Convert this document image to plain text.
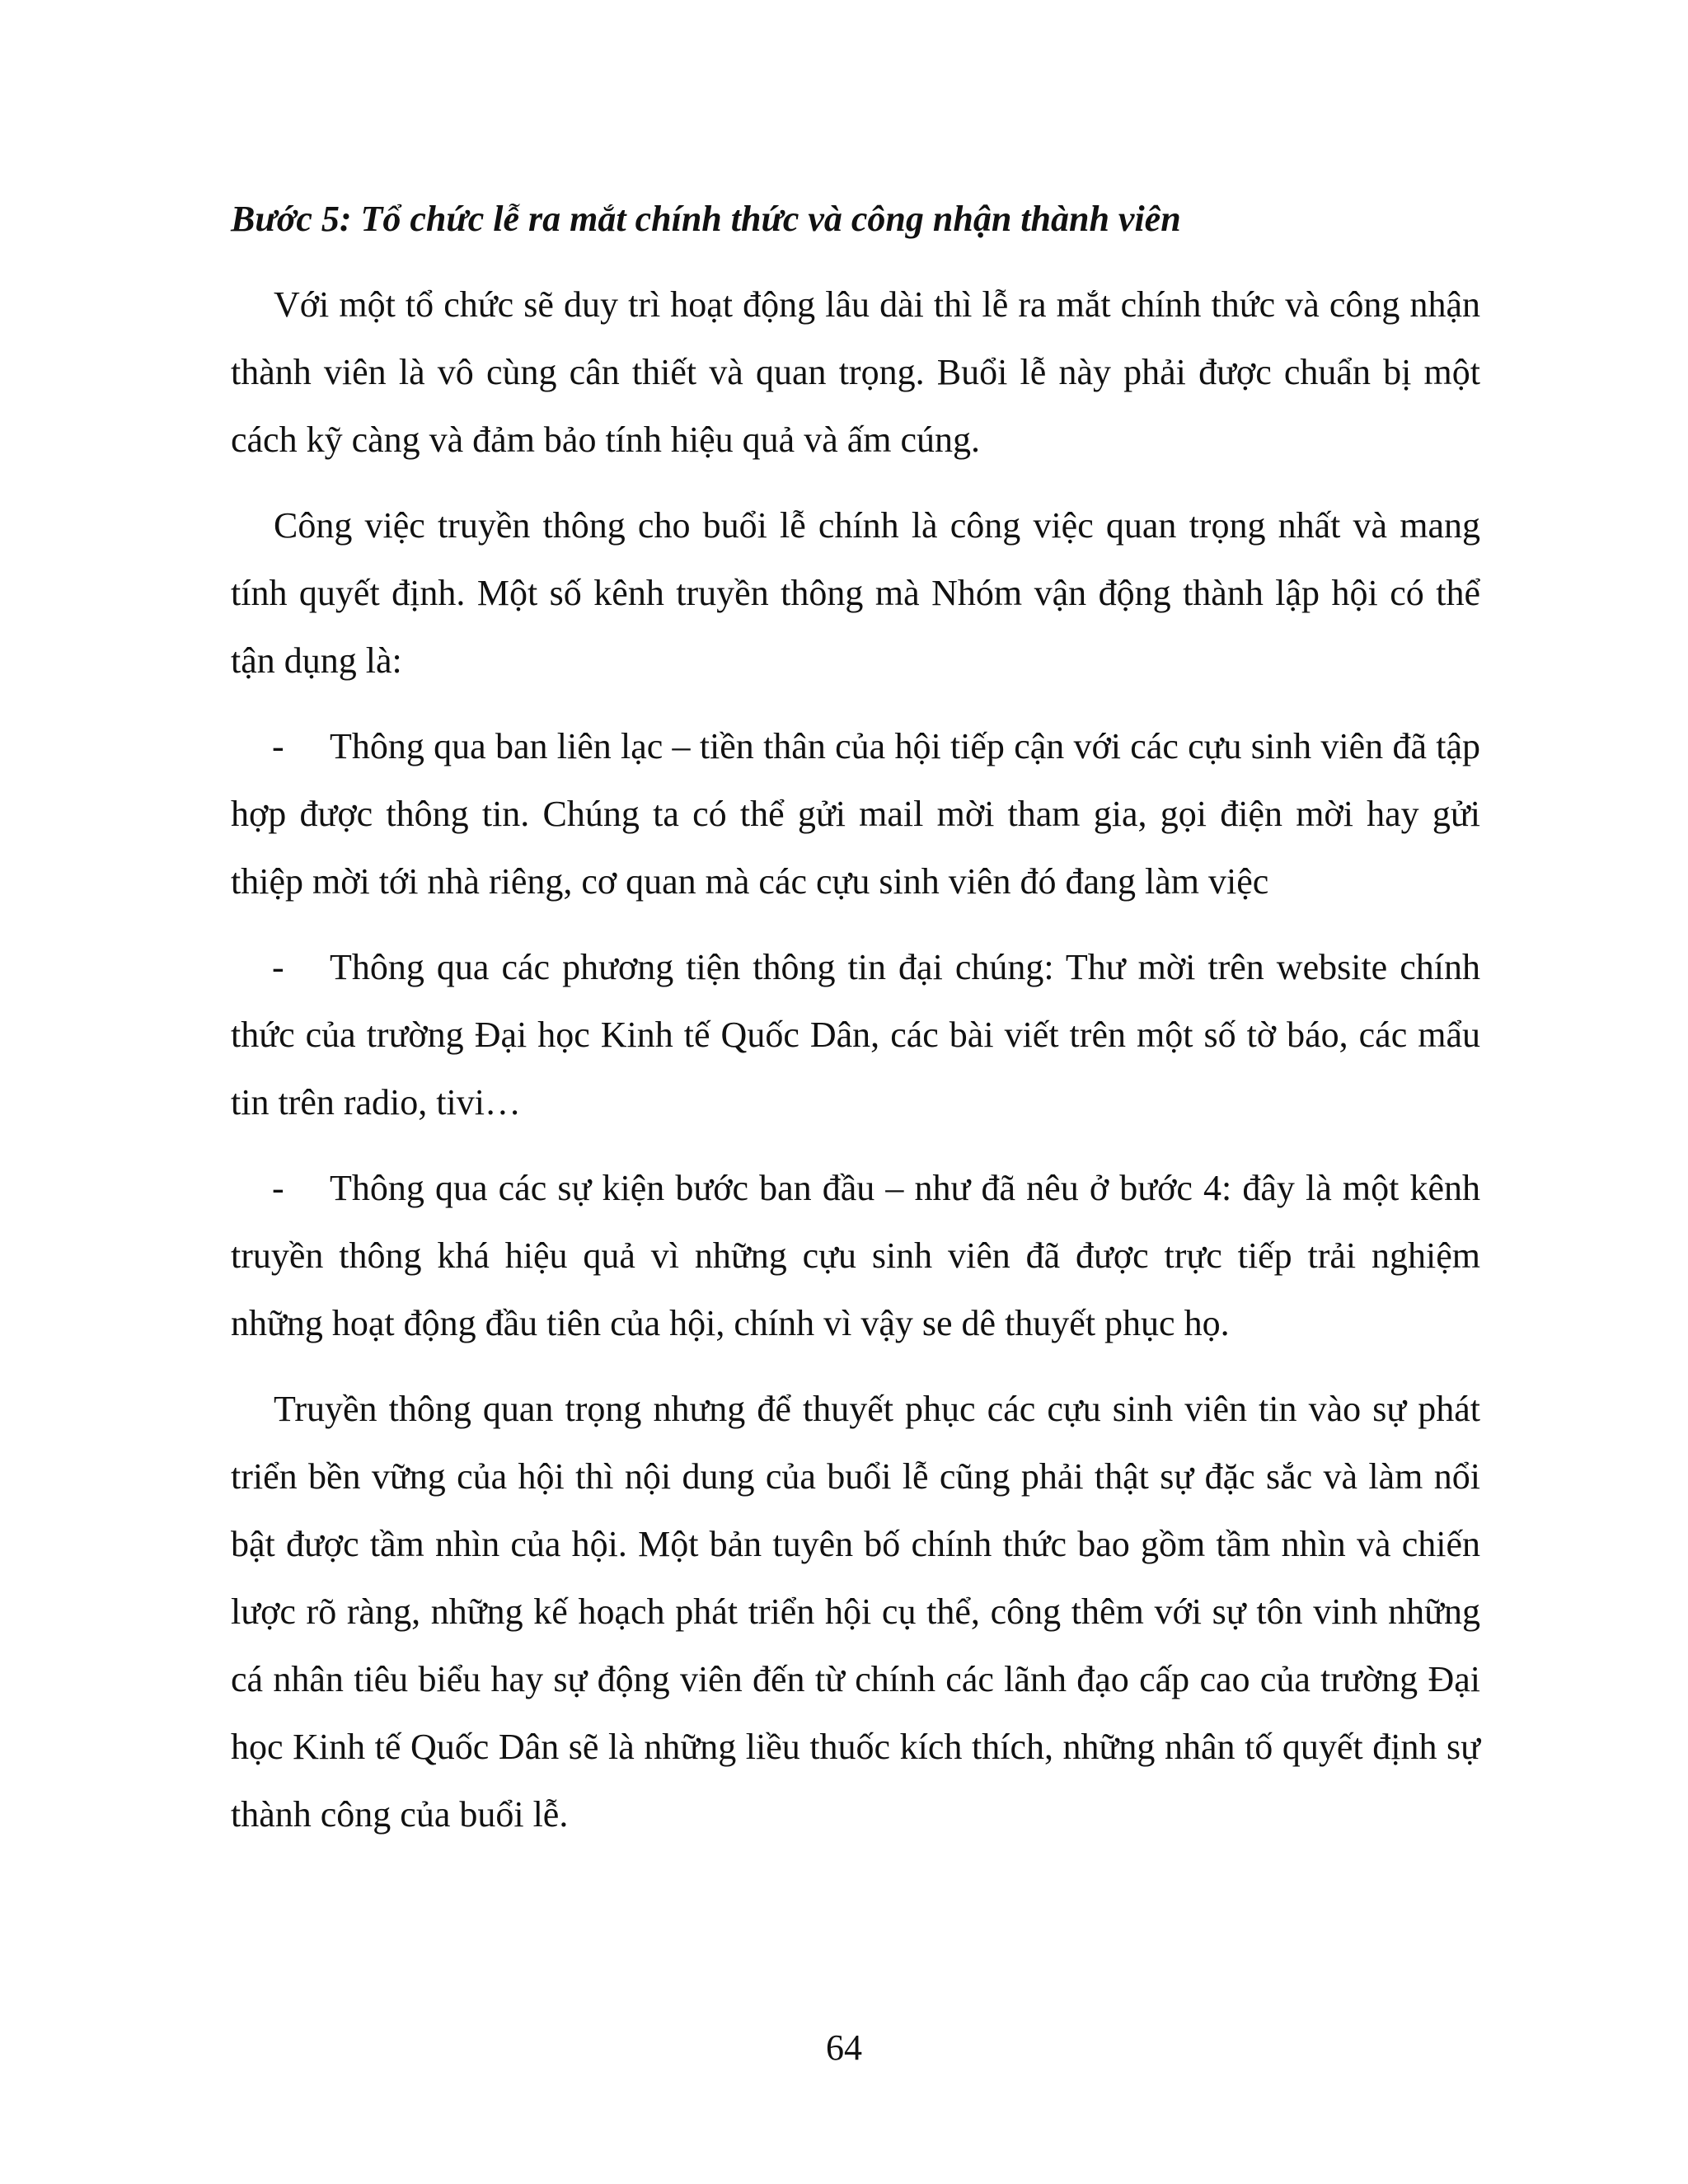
Bước 5: Tổ chức lễ ra mắt chính thức và công nhận thành viên

Với một tổ chức sẽ duy trì hoạt động lâu dài thì lễ ra mắt chính thức và công nhận thành viên là vô cùng cân thiết và quan trọng. Buổi lễ này phải được chuẩn bị một cách kỹ càng và đảm bảo tính hiệu quả và ấm cúng.

Công việc truyền thông cho buổi lễ chính là công việc quan trọng nhất và mang tính quyết định. Một số kênh truyền thông mà Nhóm vận động thành lập hội có thể tận dụng là:

- Thông qua ban liên lạc – tiền thân của hội tiếp cận với các cựu sinh viên đã tập hợp được thông tin. Chúng ta có thể gửi mail mời tham gia, gọi điện mời hay gửi thiệp mời tới nhà riêng, cơ quan mà các cựu sinh viên đó đang làm việc

- Thông qua các phương tiện thông tin đại chúng: Thư mời trên website chính thức của trường Đại học Kinh tế Quốc Dân, các bài viết trên một số tờ báo, các mẩu tin trên radio, tivi…

- Thông qua các sự kiện bước ban đầu – như đã nêu ở bước 4: đây là một kênh truyền thông khá hiệu quả vì những cựu sinh viên đã được trực tiếp trải nghiệm những hoạt động đầu tiên của hội, chính vì vậy se dê thuyết phục họ.

Truyền thông quan trọng nhưng để thuyết phục các cựu sinh viên tin vào sự phát triển bền vững của hội thì nội dung của buổi lễ cũng phải thật sự đặc sắc và làm nổi bật được tầm nhìn của hội. Một bản tuyên bố chính thức bao gồm tầm nhìn và chiến lược rõ ràng, những kế hoạch phát triển hội cụ thể, công thêm với sự tôn vinh những cá nhân tiêu biểu hay sự động viên đến từ chính các lãnh đạo cấp cao của trường Đại học Kinh tế Quốc Dân sẽ là những liều thuốc kích thích, những nhân tố quyết định sự thành công của buổi lễ.

64
